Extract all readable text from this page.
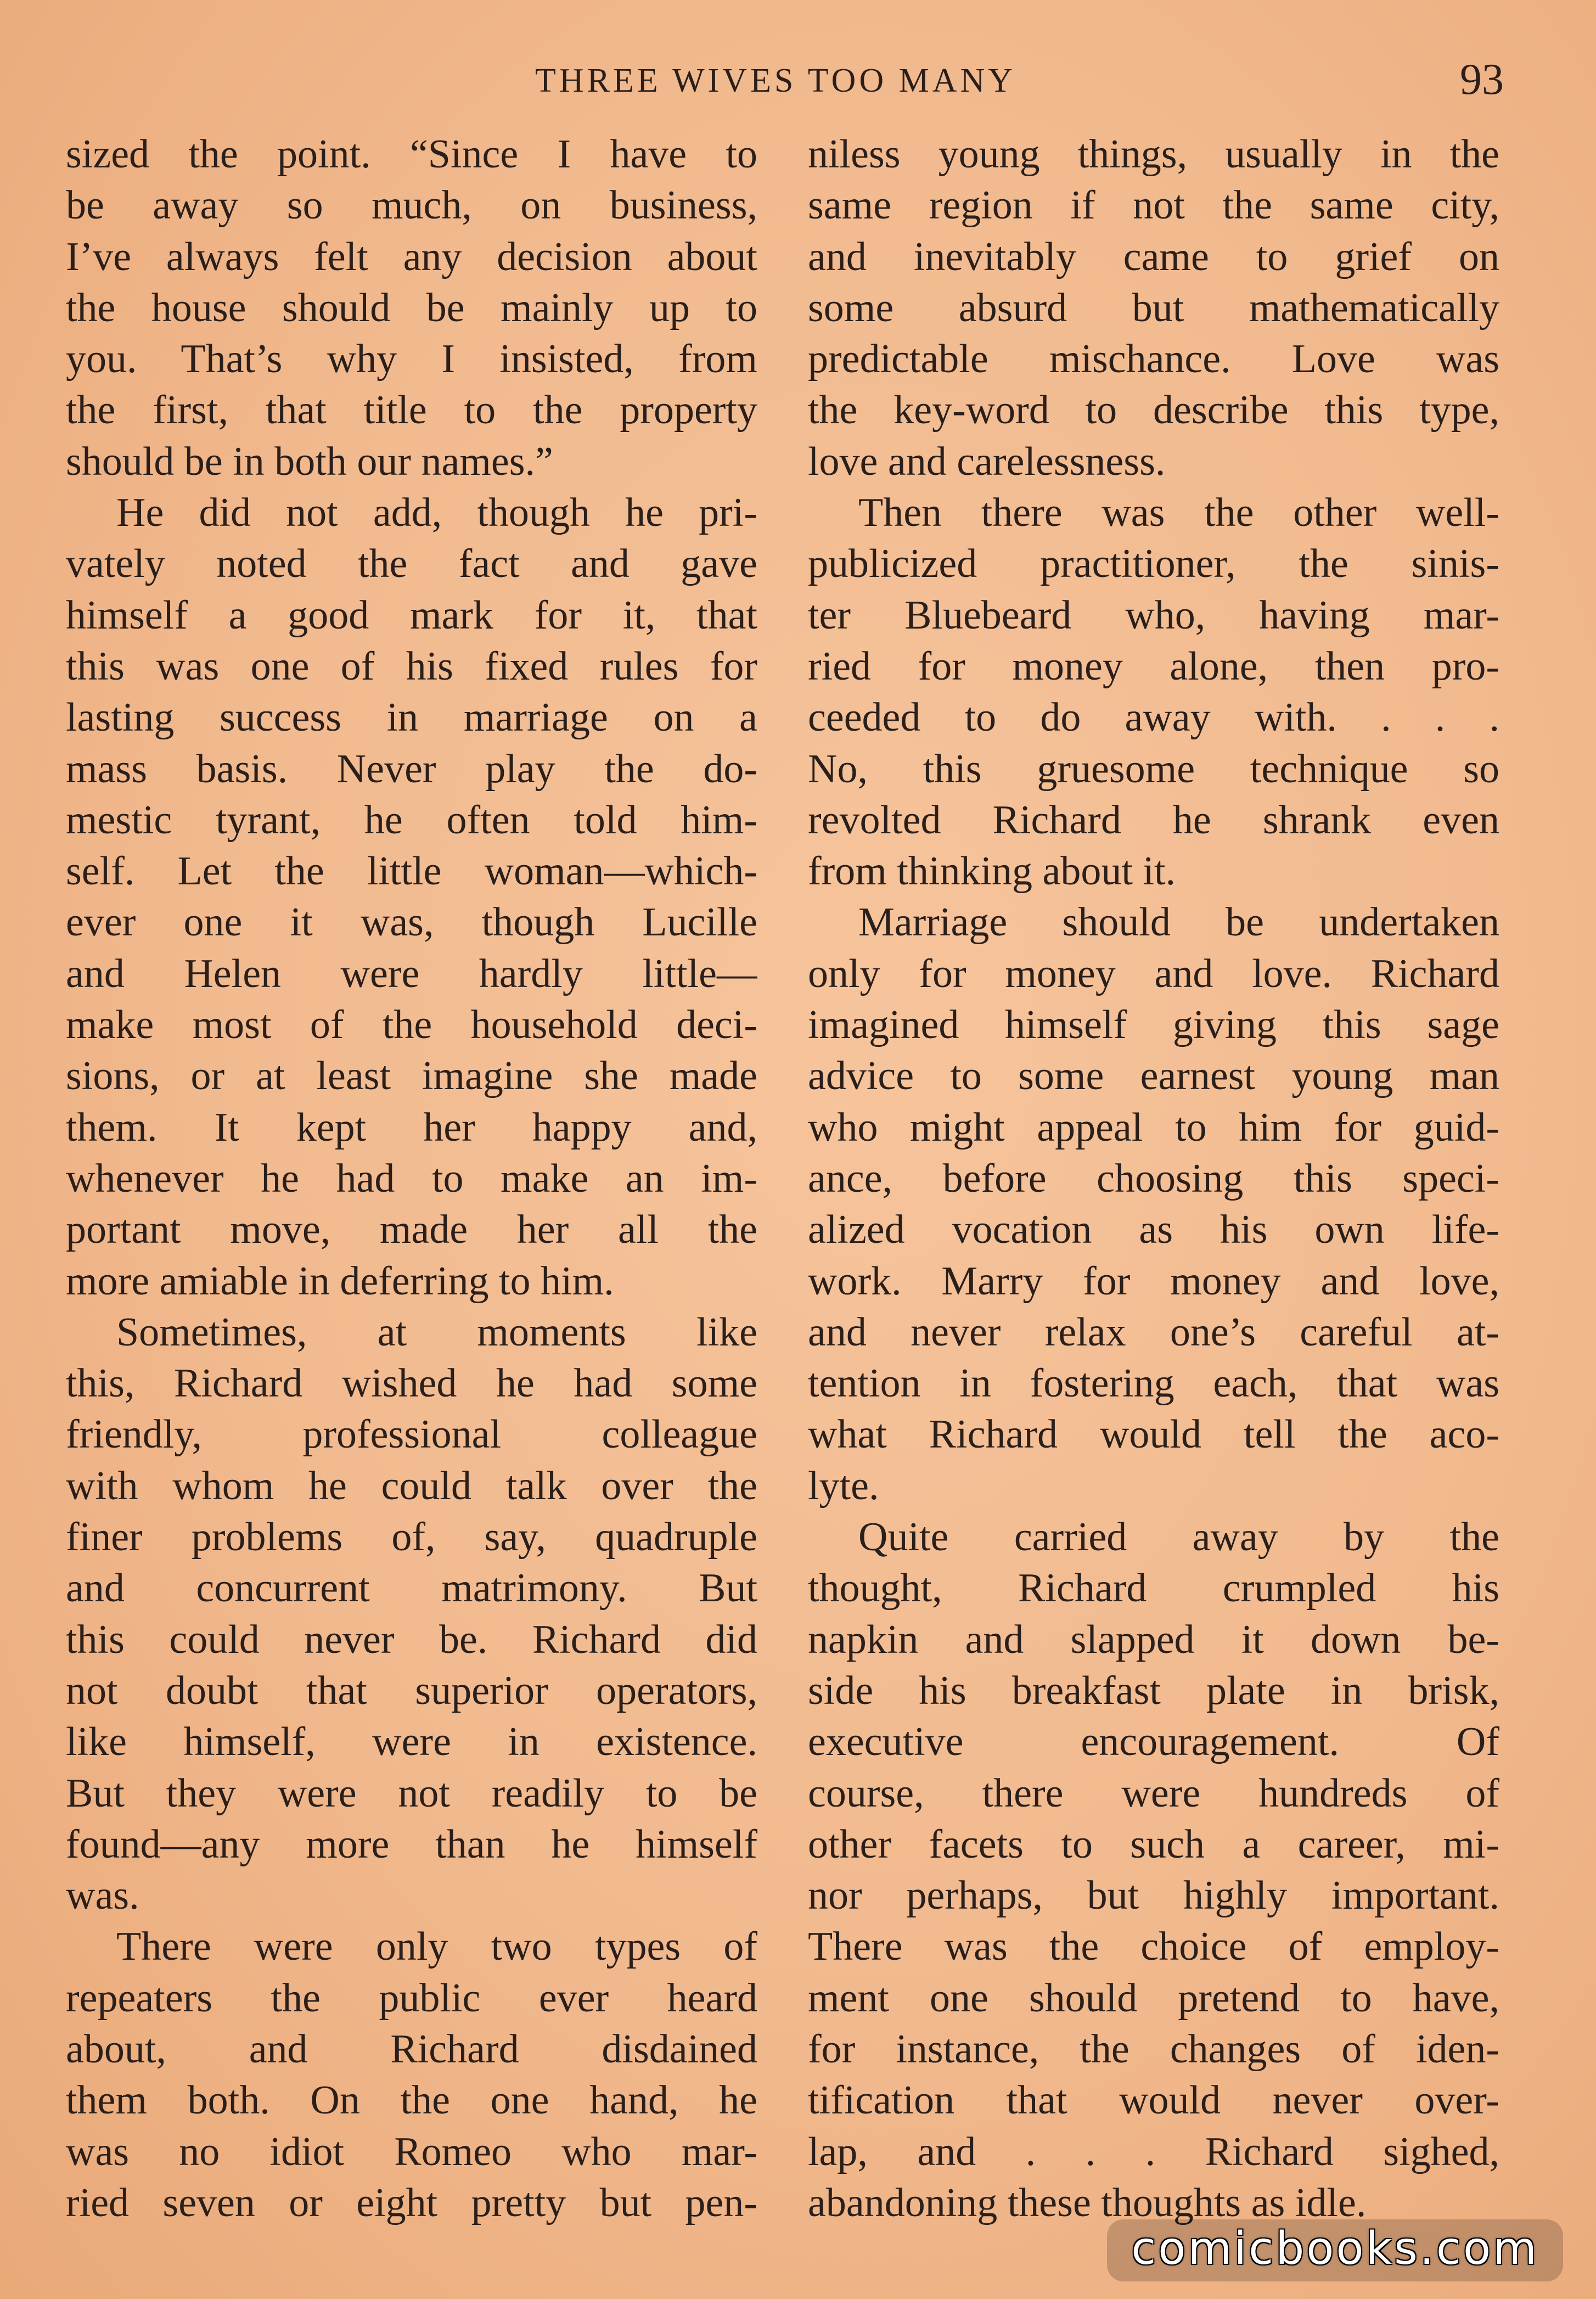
THREE WIVES TOO MANY	93
sized the point. “Since I have to
be away so much, on business,
I’ve always felt any decision about
the house should be mainly up to
you. That’s why I insisted, from
the first, that title to the property
should be in both our names.”
He did not add, though he pri-
vately noted the fact and gave
himself a good mark for it, that
this was one of his fixed rules for
lasting success in marriage on a
mass basis. Never play the do-
mestic tyrant, he often told him-
self. Let the little woman—which-
ever one it was, though Lucille
and Helen were hardly little—
make most of the household deci-
sions, or at least imagine she made
them. It kept her happy and,
whenever he had to make an im-
portant move, made her all the
more amiable in deferring to him.
Sometimes, at moments like
this, Richard wished he had some
friendly, professional colleague
with whom he could talk over the
finer problems of, say, quadruple
and concurrent matrimony. But
this could never be. Richard did
not doubt that superior operators,
like himself, were in existence.
But they were not readily to be
found—any more than he himself
was.
There were only two types of
repeaters the public ever heard
about, and Richard disdained
them both. On the one hand, he
was no idiot Romeo who mar-
ried seven or eight pretty but pen-
niless young things, usually in the
same region if not the same city,
and inevitably came to grief on
some absurd but mathematically
predictable mischance. Love was
the key-word to describe this type,
love and carelessness.
Then there was the other well-
publicized practitioner, the sinis-
ter Bluebeard who, having mar-
ried for money alone, then pro-
ceeded to do away with. . . .
No, this gruesome technique so
revolted Richard he shrank even
from thinking about it.
Marriage should be undertaken
only for money and love. Richard
imagined himself giving this sage
advice to some earnest young man
who might appeal to him for guid-
ance, before choosing this speci-
alized vocation as his own life-
work. Marry for money and love,
and never relax one’s careful at-
tention in fostering each, that was
what Richard would tell the aco-
lyte.
Quite carried away by the
thought, Richard crumpled his
napkin and slapped it down be-
side his breakfast plate in brisk,
executive encouragement. Of
course, there were hundreds of
other facets to such a career, mi-
nor perhaps, but highly important.
There was the choice of employ-
ment one should pretend to have,
for instance, the changes of iden-
tification that would never over-
lap, and . . . Richard sighed,
abandoning these thoughts as idle.
comicbooks.com
